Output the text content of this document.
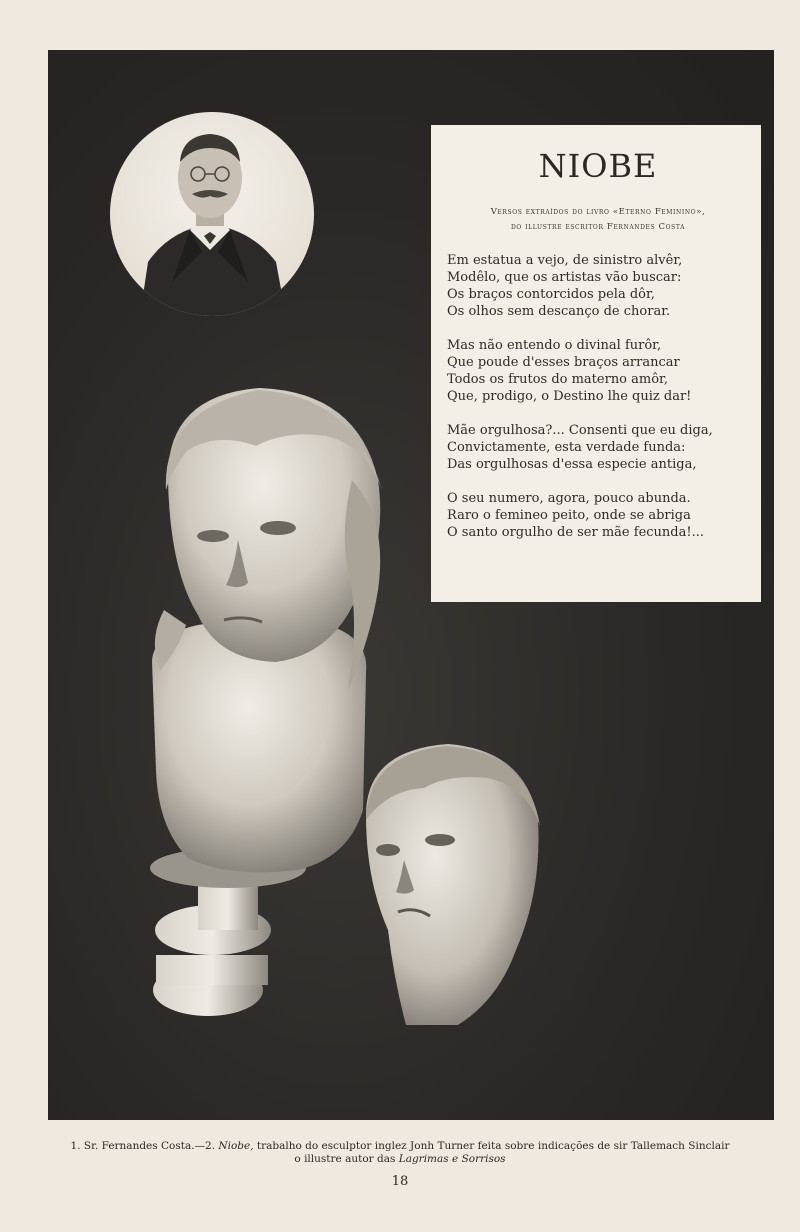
NIOBE
Versos extraídos do livro «Eterno Feminino»,
do illustre escritor Fernandes Costa
Em estatua a vejo, de sinistro alvêr,
Modêlo, que os artistas vão buscar:
Os braços contorcidos pela dôr,
Os olhos sem descanço de chorar.
Mas não entendo o divinal furôr,
Que poude d'esses braços arrancar
Todos os frutos do materno amôr,
Que, prodigo, o Destino lhe quiz dar!
Mãe orgulhosa?... Consenti que eu diga,
Convictamente, esta verdade funda:
Das orgulhosas d'essa especie antiga,
O seu numero, agora, pouco abunda.
Raro o femineo peito, onde se abriga
O santo orgulho de ser mãe fecunda!...
1. Sr. Fernandes Costa.—2. Niobe, trabalho do esculptor inglez Jonh Turner feita sobre indicações de sir Tallemach Sinclair
o illustre autor das Lagrimas e Sorrisos
18
